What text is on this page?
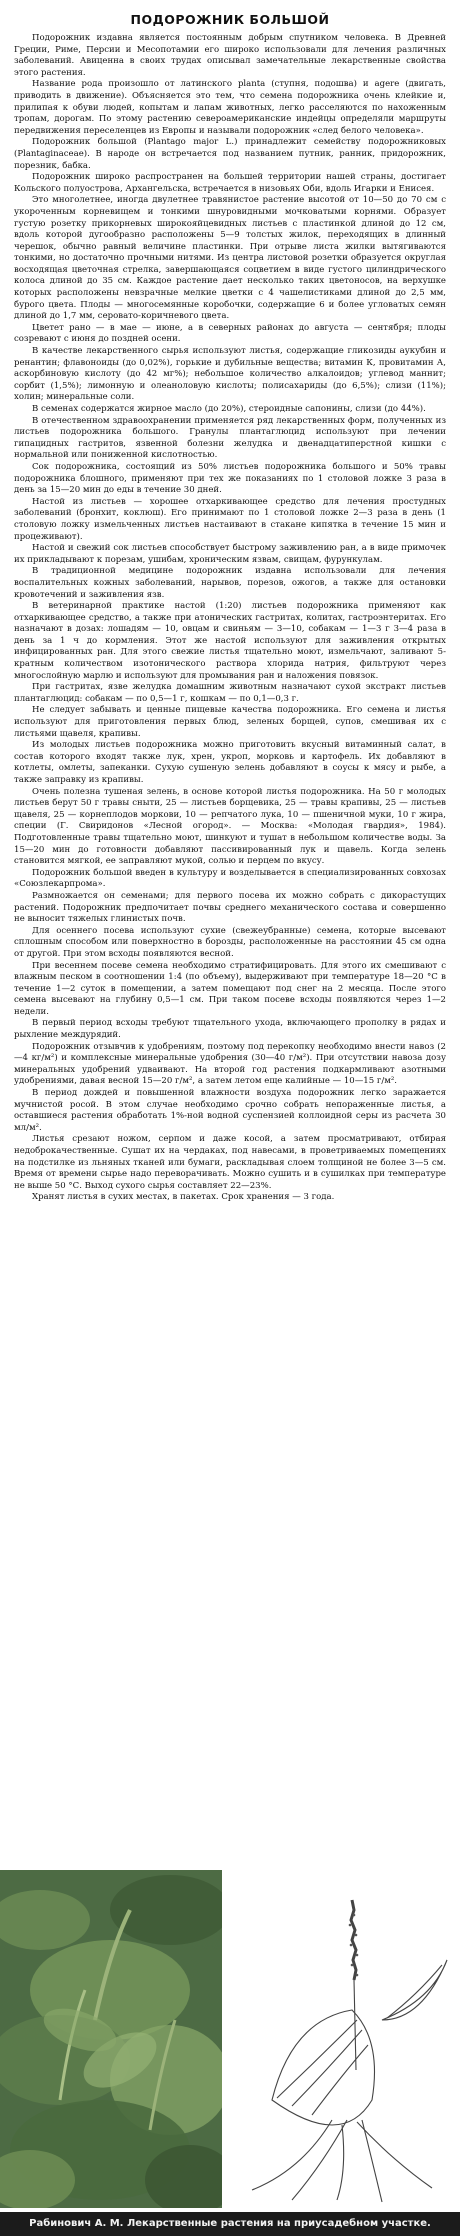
ПОДОРОЖНИК БОЛЬШОЙ

Подорожник издавна является постоянным добрым спутником человека. В Древней Греции, Риме, Персии и Месопотамии его широко использовали для лечения различных заболеваний. Авиценна в своих трудах описывал замечательные лекарственные свойства этого растения.

Название рода произошло от латинского planta (ступня, подошва) и agere (двигать, приводить в движение). Объясняется это тем, что семена подорожника очень клейкие и, прилипая к обуви людей, копытам и лапам животных, легко расселяются по нахоженным тропам, дорогам. По этому растению североамериканские индейцы определяли маршруты передвижения переселенцев из Европы и называли подорожник «след белого человека».

Подорожник большой (Plantago major L.) принадлежит семейству подорожниковых (Plantaginaceae). В народе он встречается под названием путник, ранник, придорожник, порезник, бабка.

Подорожник широко распространен на большей территории нашей страны, достигает Кольского полуострова, Архангельска, встречается в низовьях Оби, вдоль Игарки и Енисея.

Это многолетнее, иногда двулетнее травянистое растение высотой от 10—50 до 70 см с укороченным корневищем и тонкими шнуровидными мочковатыми корнями. Образует густую розетку прикорневых широкояйцевидных листьев с пластинкой длиной до 12 см, вдоль которой дугообразно расположены 5—9 толстых жилок, переходящих в длинный черешок, обычно равный величине пластинки. При отрыве листа жилки вытягиваются тонкими, но достаточно прочными нитями. Из центра листовой розетки образуется округлая восходящая цветочная стрелка, завершающаяся соцветием в виде густого цилиндрического колоса длиной до 35 см. Каждое растение дает несколько таких цветоносов, на верхушке которых расположены невзрачные мелкие цветки с 4 чашелистиками длиной до 2,5 мм, бурого цвета. Плоды — многосемянные коробочки, содержащие 6 и более угловатых семян длиной до 1,7 мм, серовато-коричневого цвета.

Цветет рано — в мае — июне, а в северных районах до августа — сентября; плоды созревают с июня до поздней осени.

В качестве лекарственного сырья используют листья, содержащие гликозиды аукубин и ренантин; флавоноиды (до 0,02%), горькие и дубильные вещества; витамин К, провитамин А, аскорбиновую кислоту (до 42 мг%); небольшое количество алкалоидов; углевод маннит; сорбит (1,5%); лимонную и олеаноловую кислоты; полисахариды (до 6,5%); слизи (11%); холин; минеральные соли.

В семенах содержатся жирное масло (до 20%), стероидные сапонины, слизи (до 44%).

В отечественном здравоохранении применяется ряд лекарственных форм, полученных из листьев подорожника большого. Гранулы плантаглюцид используют при лечении гипацидных гастритов, язвенной болезни желудка и двенадцатиперстной кишки с нормальной или пониженной кислотностью.

Сок подорожника, состоящий из 50% листьев подорожника большого и 50% травы подорожника блошного, применяют при тех же показаниях по 1 столовой ложке 3 раза в день за 15—20 мин до еды в течение 30 дней.

Настой из листьев — хорошее отхаркивающее средство для лечения простудных заболеваний (бронхит, коклюш). Его принимают по 1 столовой ложке 2—3 раза в день (1 столовую ложку измельченных листьев настаивают в стакане кипятка в течение 15 мин и процеживают).

Настой и свежий сок листьев способствует быстрому заживлению ран, а в виде примочек их прикладывают к порезам, ушибам, хроническим язвам, свищам, фурункулам.

В традиционной медицине подорожник издавна использовали для лечения воспалительных кожных заболеваний, нарывов, порезов, ожогов, а также для остановки кровотечений и заживления язв.

В ветеринарной практике настой (1:20) листьев подорожника применяют как отхаркивающее средство, а также при атонических гастритах, колитах, гастроэнтеритах. Его назначают в дозах: лошадям — 10, овцам и свиньям — 3—10, собакам — 1—3 г 3—4 раза в день за 1 ч до кормления. Этот же настой используют для заживления открытых инфицированных ран. Для этого свежие листья тщательно моют, измельчают, заливают 5-кратным количеством изотонического раствора хлорида натрия, фильтруют через многослойную марлю и используют для промывания ран и наложения повязок.

При гастритах, язве желудка домашним животным назначают сухой экстракт листьев плантаглюцид: собакам — по 0,5—1 г, кошкам — по 0,1—0,3 г.

Не следует забывать и ценные пищевые качества подорожника. Его семена и листья используют для приготовления первых блюд, зеленых борщей, супов, смешивая их с листьями щавеля, крапивы.

Из молодых листьев подорожника можно приготовить вкусный витаминный салат, в состав которого входят также лук, хрен, укроп, морковь и картофель. Их добавляют в котлеты, омлеты, запеканки. Сухую сушеную зелень добавляют в соусы к мясу и рыбе, а также заправку из крапивы.

Очень полезна тушеная зелень, в основе которой листья подорожника. На 50 г молодых листьев берут 50 г травы сныти, 25 — листьев борщевика, 25 — травы крапивы, 25 — листьев щавеля, 25 — корнеплодов моркови, 10 — репчатого лука, 10 — пшеничной муки, 10 г жира, специи (Г. Свиридонов «Лесной огород». — Москва: «Молодая гвардия», 1984). Подготовленные травы тщательно моют, шинкуют и тушат в небольшом количестве воды. За 15—20 мин до готовности добавляют пассивированный лук и щавель. Когда зелень становится мягкой, ее заправляют мукой, солью и перцем по вкусу.

Подорожник большой введен в культуру и возделывается в специализированных совхозах «Союзлекарпрома».

Размножается он семенами; для первого посева их можно собрать с дикорастущих растений. Подорожник предпочитает почвы среднего механического состава и совершенно не выносит тяжелых глинистых почв.

Для осеннего посева используют сухие (свежеубранные) семена, которые высевают сплошным способом или поверхностно в борозды, расположенные на расстоянии 45 см одна от другой. При этом всходы появляются весной.

При весеннем посеве семена необходимо стратифицировать. Для этого их смешивают с влажным песком в соотношении 1:4 (по объему), выдерживают при температуре 18—20 °С в течение 1—2 суток в помещении, а затем помещают под снег на 2 месяца. После этого семена высевают на глубину 0,5—1 см. При таком посеве всходы появляются через 1—2 недели.

В первый период всходы требуют тщательного ухода, включающего прополку в рядах и рыхление междурядий.

Подорожник отзывчив к удобрениям, поэтому под перекопку необходимо внести навоз (2—4 кг/м²) и комплексные минеральные удобрения (30—40 г/м²). При отсутствии навоза дозу минеральных удобрений удваивают. На второй год растения подкармливают азотными удобрениями, давая весной 15—20 г/м², а затем летом еще калийные — 10—15 г/м².

В период дождей и повышенной влажности воздуха подорожник легко заражается мучнистой росой. В этом случае необходимо срочно собрать непораженные листья, а оставшиеся растения обработать 1%-ной водной суспензией коллоидной серы из расчета 30 мл/м².

Листья срезают ножом, серпом и даже косой, а затем просматривают, отбирая недоброкачественные. Сушат их на чердаках, под навесами, в проветриваемых помещениях на подстилке из льняных тканей или бумаги, раскладывая слоем толщиной не более 3—5 см. Время от времени сырье надо переворачивать. Можно сушить и в сушилках при температуре не выше 50 °С. Выход сухого сырья составляет 22—23%.

Хранят листья в сухих местах, в пакетах. Срок хранения — 3 года.

Рабинович А. М. Лекарственные растения на приусадебном участке.
